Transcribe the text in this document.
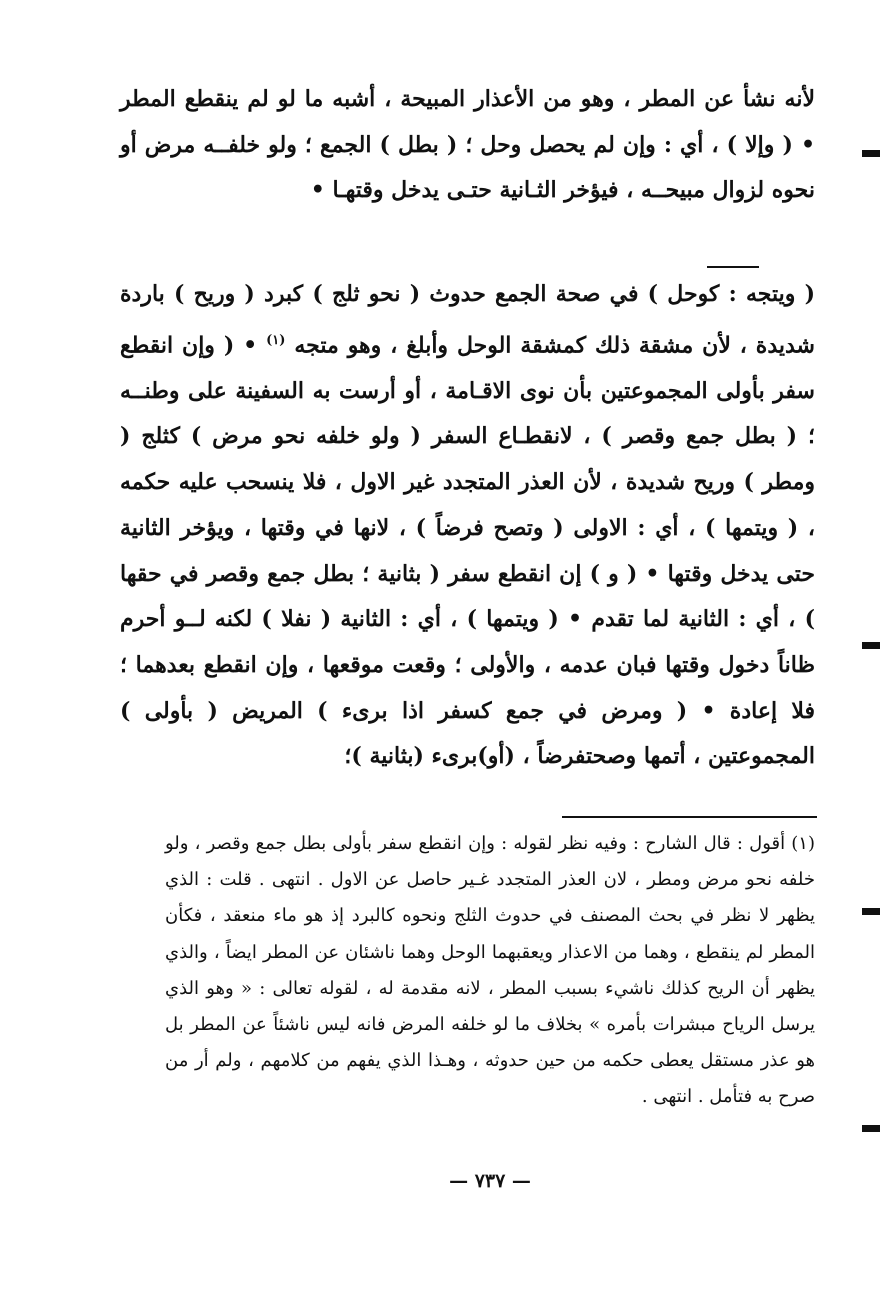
لأنه نشأ عن المطر ، وهو من الأعذار المبيحة ، أشبه ما لو لم ينقطع المطر • ( وإلا ) ، أي : وإن لم يحصل وحل ؛ ( بطل ) الجمع ؛ ولو خلفــه مرض أو نحوه لزوال مبيحــه ، فيؤخر الثـانية حتـى يدخل وقتهـا •

( ويتجه : كوحل ) في صحة الجمع حدوث ( نحو ثلج ) كبرد ( وريح ) باردة شديدة ، لأن مشقة ذلك كمشقة الوحل وأبلغ ، وهو متجه $^{(١)}$ • ( وإن انقطع سفر بأولى المجموعتين بأن نوى الاقـامة ، أو أرست به السفينة على وطنــه ؛ ( بطل جمع وقصر ) ، لانقطـاع السفر ( ولو خلفه نحو مرض ) كثلج ( ومطر ) وريح شديدة ، لأن العذر المتجدد غير الاول ، فلا ينسحب عليه حكمه ، ( ويتمها ) ، أي : الاولى ( وتصح فرضاً ) ، لانها في وقتها ، ويؤخر الثانية حتى يدخل وقتها • ( و ) إن انقطع سفر ( بثانية ؛ بطل جمع وقصر في حقها ) ، أي : الثانية لما تقدم • ( ويتمها ) ، أي : الثانية ( نفلا ) لكنه لــو أحرم ظاناً دخول وقتها فبان عدمه ، والأولى ؛ وقعت موقعها ، وإن انقطع بعدهما ؛ فلا إعادة • ( ومرض في جمع كسفر اذا برىء ) المريض ( بأولى ) المجموعتين ، أتمها وصحتفرضاً ، (أو)برىء (بثانية )؛

(١) أقول : قال الشارح : وفيه نظر لقوله : وإن انقطع سفر بأولى بطل جمع وقصر ، ولو خلفه نحو مرض ومطر ، لان العذر المتجدد غـير حاصل عن الاول . انتهى . قلت : الذي يظهر لا نظر في بحث المصنف في حدوث الثلج ونحوه كالبرد إذ هو ماء منعقد ، فكأن المطر لم ينقطع ، وهما من الاعذار ويعقبهما الوحل وهما ناشئان عن المطر ايضاً ، والذي يظهر أن الريح كذلك ناشيء بسبب المطر ، لانه مقدمة له ، لقوله تعالى : « وهو الذي يرسل الرياح مبشرات بأمره » بخلاف ما لو خلفه المرض فانه ليس ناشئاً عن المطر بل هو عذر مستقل يعطى حكمه من حين حدوثه ، وهـذا الذي يفهم من كلامهم ، ولم أر من صرح به فتأمل . انتهى .

— ٧٣٧ —
